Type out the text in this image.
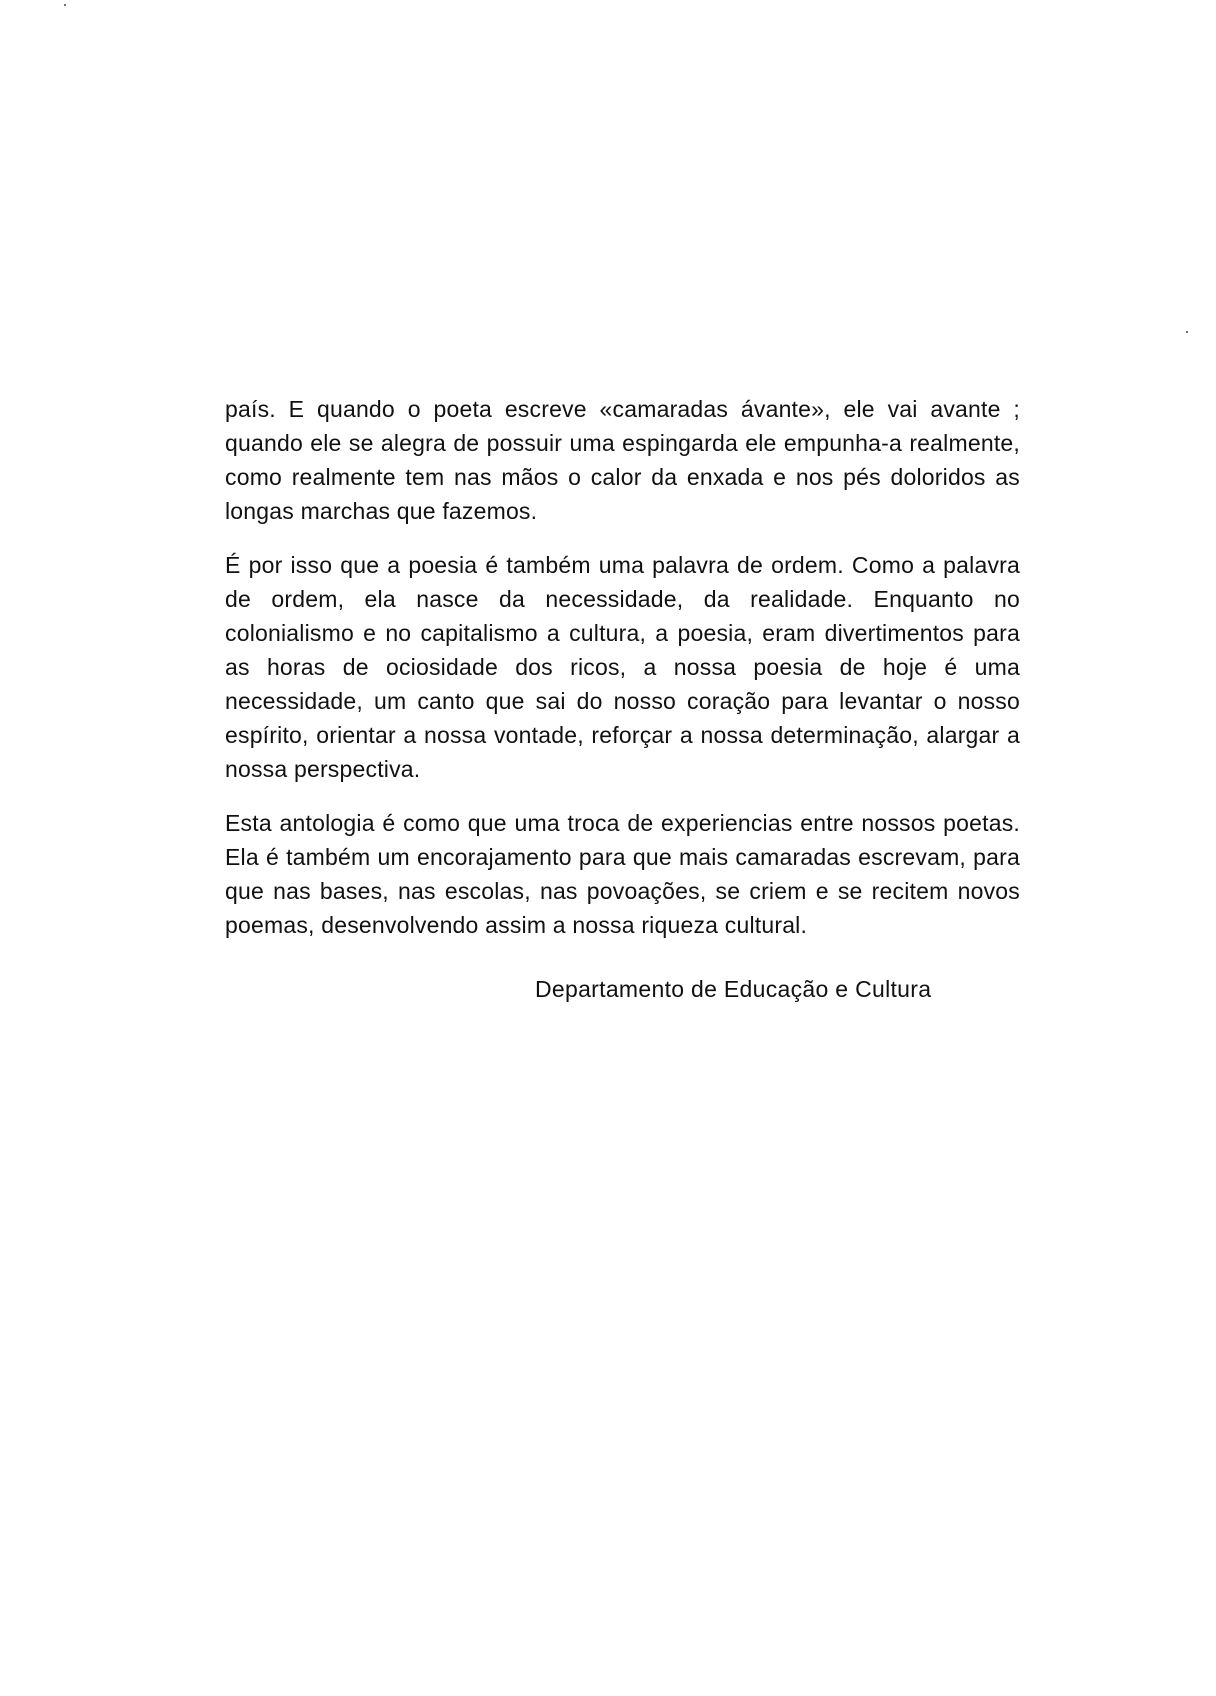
país. E quando o poeta escreve «camaradas ávante», ele vai avante ; quando ele se alegra de possuir uma espingarda ele empunha-a realmente, como realmente tem nas mãos o calor da enxada e nos pés doloridos as longas marchas que fazemos.

É por isso que a poesia é também uma palavra de ordem. Como a palavra de ordem, ela nasce da necessidade, da realidade. Enquanto no colonialismo e no capitalismo a cultura, a poesia, eram divertimentos para as horas de ociosidade dos ricos, a nossa poesia de hoje é uma necessidade, um canto que sai do nosso coração para levantar o nosso espírito, orientar a nossa vontade, reforçar a nossa determinação, alargar a nossa perspectiva.

Esta antologia é como que uma troca de experiencias entre nossos poetas. Ela é também um encorajamento para que mais camaradas escrevam, para que nas bases, nas escolas, nas povoações, se criem e se recitem novos poemas, desenvolvendo assim a nossa riqueza cultural.

Departamento de Educação e Cultura
